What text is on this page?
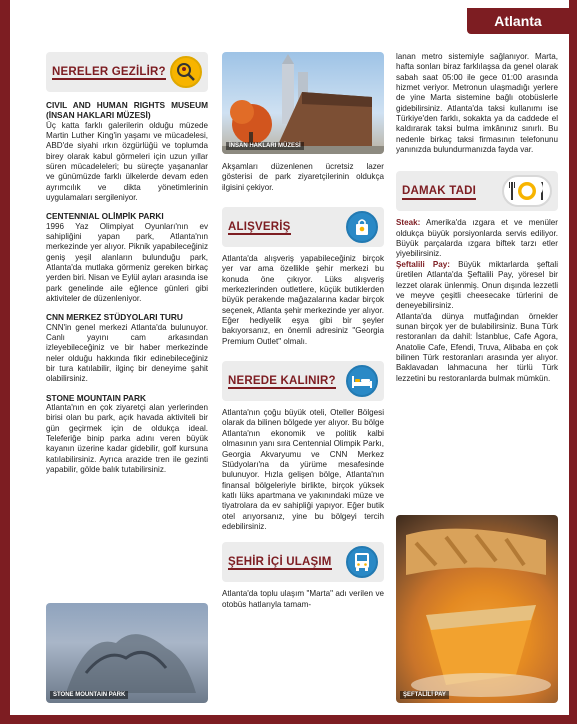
Atlanta
NERELER GEZİLİR?
CIVIL AND HUMAN RIGHTS MUSEUM (İNSAN HAKLARI MÜZESİ)

Üç katta farklı galerilerin olduğu müzede Martin Luther King'in yaşamı ve mücadelesi, ABD'de siyahi ırkın özgürlüğü ve toplumda birey olarak kabul görmeleri için uzun yıllar süren mücadeleleri; bu süreçte yaşananlar ve günümüzde farklı ülkelerde devam eden ayrımcılık ve dikta yönetimlerinin uygulamaları sergileniyor.

CENTENNIAL OLİMPİK PARKI

1996 Yaz Olimpiyat Oyunları'nın ev sahipliğini yapan park, Atlanta'nın merkezinde yer alıyor. Piknik yapabileceğiniz geniş yeşil alanların bulunduğu park, Atlanta'da mutlaka görmeniz gereken birkaç yerden biri. Nisan ve Eylül ayları arasında ise park genelinde aile eğlence günleri gibi aktiviteler de düzenleniyor.

CNN MERKEZ STÜDYOLARI TURU

CNN'in genel merkezi Atlanta'da bulunuyor. Canlı yayını cam arkasından izleyebileceğiniz ve bir haber merkezinde neler olduğu hakkında fikir edinebileceğiniz bir tura katılabilir, ilginç bir deneyime şahit olabilirsiniz.

STONE MOUNTAIN PARK

Atlanta'nın en çok ziyaretçi alan yerlerinden birisi olan bu park, açık havada aktiviteli bir gün geçirmek için de oldukça ideal. Teleferiğe binip parka adını veren büyük kayanın üzerine kadar gidebilir, golf kursuna katılabilirsiniz. Ayrıca arazide tren ile gezinti yapabilir, gölde balık tutabilirsiniz.

STONE MOUNTAIN PARK
İNSAN HAKLARI MÜZESİ

Akşamları düzenlenen ücretsiz lazer gösterisi de park ziyaretçilerinin oldukça ilgisini çekiyor.

ALIŞVERİŞ

Atlanta'da alışveriş yapabileceğiniz birçok yer var ama özellikle şehir merkezi bu konuda öne çıkıyor. Lüks alışveriş merkezlerinden outletlere, küçük butiklerden büyük perakende mağazalarına kadar birçok seçenek, Atlanta şehir merkezinde yer alıyor. Eğer hediyelik eşya gibi bir şeyler bakıyorsanız, en önemli adresiniz "Georgia Premium Outlet" olmalı.

NEREDE KALINIR?

Atlanta'nın çoğu büyük oteli, Oteller Bölgesi olarak da bilinen bölgede yer alıyor. Bu bölge Atlanta'nın ekonomik ve politik kalbi olmasının yanı sıra Centennial Olimpik Parkı, Georgia Akvaryumu ve CNN Merkez Stüdyoları'na da yürüme mesafesinde bulunuyor. Hızla gelişen bölge, Atlanta'nın finansal bölgeleriyle birlikte, birçok yüksek katlı lüks apartmana ve yakınındaki müze ve tiyatrolara da ev sahipliği yapıyor. Eğer butik otel arıyorsanız, yine bu bölgeyi tercih edebilirsiniz.

ŞEHİR İÇİ ULAŞIM

Atlanta'da toplu ulaşım "Marta" adı verilen ve otobüs hatlarıyla tamam-

lanan metro sistemiyle sağlanıyor. Marta, hafta sonları biraz farklılaşsa da genel olarak sabah saat 05:00 ile gece 01:00 arasında hizmet veriyor. Metronun ulaşmadığı yerlere de yine Marta sistemine bağlı otobüslerle gidebilirsiniz. Atlanta'da taksi kullanımı ise Türkiye'den farklı, sokakta ya da caddede el kaldırarak taksi bulma imkânınız sınırlı. Bu nedenle birkaç taksi firmasının telefonunu yanınızda bulundurmanızda fayda var.

DAMAK TADI

Steak: Amerika'da ızgara et ve menüler oldukça büyük porsiyonlarda servis ediliyor. Büyük parçalarda ızgara biftek tarzı etler yiyebilirsiniz.

Şeftalili Pay: Büyük miktarlarda şeftali üretilen Atlanta'da Şeftalili Pay, yöresel bir lezzet olarak ünlenmiş. Onun dışında lezzetli ve meyve çeşitli cheesecake türlerini de deneyebilirsiniz.

Atlanta'da dünya mutfağından örnekler sunan birçok yer de bulabilirsiniz. Buna Türk restoranları da dahil: İstanbluє, Cafe Agora, Anatolie Cafe, Efendi, Truva, Alibaba en çok bilinen Türk restoranları arasında yer alıyor. Baklavadan lahmacuna her türlü Türk lezzetini bu restoranlarda bulmak mümkün.

ŞEFTALİLİ PAY
